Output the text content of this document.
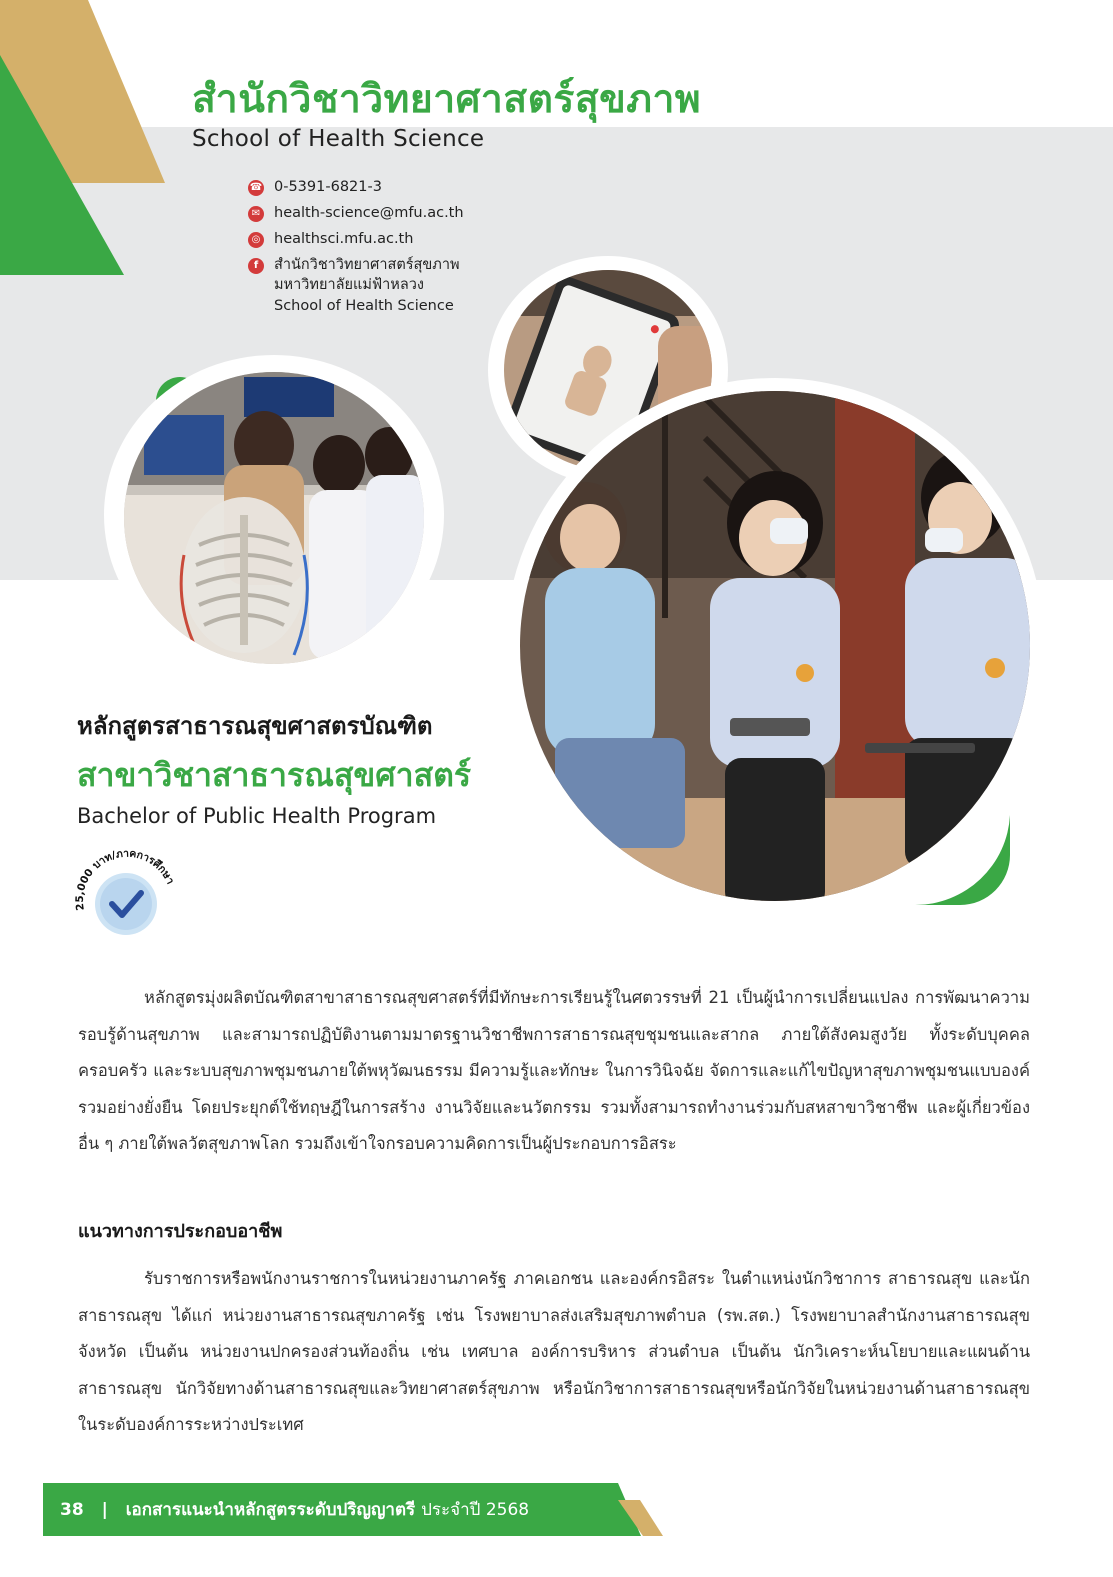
สำนักวิชาวิทยาศาสตร์สุขภาพ
School of Health Science
☎ 0-5391-6821-3
✉ health-science@mfu.ac.th
◎ healthsci.mfu.ac.th
f	สำนักวิชาวิทยาศาสตร์สุขภาพ
มหาวิทยาลัยแม่ฟ้าหลวง
School of Health Science
หลักสูตรสาธารณสุขศาสตรบัณฑิต
สาขาวิชาสาธารณสุขศาสตร์
Bachelor of Public Health Program
25,000 บาท/ภาคการศึกษา
หลักสูตรมุ่งผลิตบัณฑิตสาขาสาธารณสุขศาสตร์ที่มีทักษะการเรียนรู้ในศตวรรษที่ 21 เป็นผู้นำการเปลี่ยนแปลง การพัฒนาความรอบรู้ด้านสุขภาพ และสามารถปฏิบัติงานตามมาตรฐานวิชาชีพการสาธารณสุขชุมชนและสากล ภายใต้สังคมสูงวัย ทั้งระดับบุคคล ครอบครัว และระบบสุขภาพชุมชนภายใต้พหุวัฒนธรรม มีความรู้และทักษะ ในการวินิจฉัย จัดการและแก้ไขปัญหาสุขภาพชุมชนแบบองค์รวมอย่างยั่งยืน โดยประยุกต์ใช้ทฤษฎีในการสร้าง งานวิจัยและนวัตกรรม รวมทั้งสามารถทำงานร่วมกับสหสาขาวิชาชีพ และผู้เกี่ยวข้องอื่น ๆ ภายใต้พลวัตสุขภาพโลก รวมถึงเข้าใจกรอบความคิดการเป็นผู้ประกอบการอิสระ
แนวทางการประกอบอาชีพ
รับราชการหรือพนักงานราชการในหน่วยงานภาครัฐ ภาคเอกชน และองค์กรอิสระ ในตำแหน่งนักวิชาการ สาธารณสุข และนักสาธารณสุข ได้แก่ หน่วยงานสาธารณสุขภาครัฐ เช่น โรงพยาบาลส่งเสริมสุขภาพตำบล (รพ.สต.) โรงพยาบาลสำนักงานสาธารณสุขจังหวัด เป็นต้น หน่วยงานปกครองส่วนท้องถิ่น เช่น เทศบาล องค์การบริหาร ส่วนตำบล เป็นต้น นักวิเคราะห์นโยบายและแผนด้านสาธารณสุข นักวิจัยทางด้านสาธารณสุขและวิทยาศาสตร์สุขภาพ หรือนักวิชาการสาธารณสุขหรือนักวิจัยในหน่วยงานด้านสาธารณสุขในระดับองค์การระหว่างประเทศ
38 | เอกสารแนะนำหลักสูตรระดับปริญญาตรี ประจำปี 2568
